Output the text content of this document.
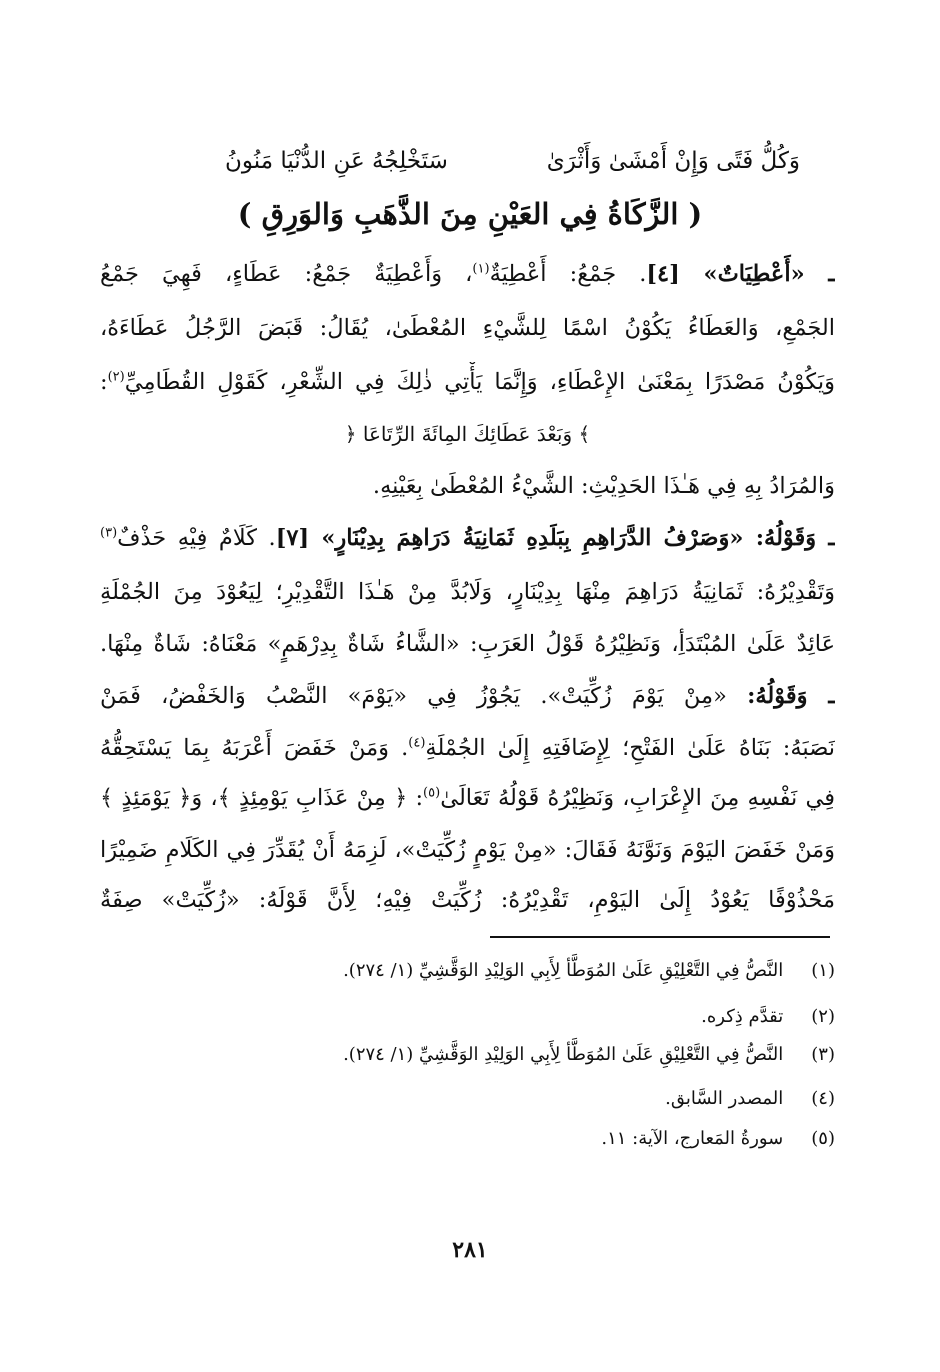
وَكُلُّ فَتًى وَإِنْ أَمْشَىٰ وَأَثْرَىٰ
سَتَخْلِجُهُ عَنِ الدُّنْيَا مَنُونُ
( الزَّكَاةُ فِي العَيْنِ مِنَ الذَّهَبِ وَالوَرِقِ )
ـ «أَعْطِيَاتٌ» [٤]. جَمْعُ: أَعْطِيَةٌ$^{(١)}$، وَأَعْطِيَةٌ جَمْعُ: عَطَاءٍ، فَهِيَ جَمْعُ
الجَمْعِ، وَالعَطَاءُ يَكُوْنُ اسْمًا لِلشَّيْءِ المُعْطَىٰ، يُقَالُ: قَبَضَ الرَّجُلُ عَطَاءَهُ،
وَيَكُوْنُ مَصْدَرًا بِمَعْنَىٰ الإِعْطَاءِ، وَإِنَّمَا يَأْتِي ذٰلِكَ فِي الشِّعْرِ، كَقَوْلِ القُطَامِيِّ$^{(٢)}$:
﴾ وَبَعْدَ عَطَائِكَ المِائَةَ الرِّتَاعَا ﴿
وَالمُرَادُ بِهِ فِي هَـٰذَا الحَدِيْثِ: الشَّيْءُ المُعْطَىٰ بِعَيْنِهِ.
ـ وَقَوْلُهُ: «وَصَرْفُ الدَّرَاهِمِ بِبَلَدِهِ ثَمَانِيَةُ دَرَاهِمَ بِدِيْنَارٍ» [٧]. كَلَامٌ فِيْهِ حَذْفٌ$^{(٣)}$
وَتَقْدِيْرُهُ: ثَمَانِيَةُ دَرَاهِمَ مِنْهَا بِدِيْنَارٍ، وَلَابُدَّ مِنْ هَـٰذَا التَّقْدِيْرِ؛ لِيَعُوْدَ مِنَ الجُمْلَةِ
عَائِدٌ عَلَىٰ المُبْتَدَأِ، وَنَظِيْرُهُ قَوْلُ العَرَبِ: «الشَّاءُ شَاةٌ بِدِرْهَمٍ» مَعْنَاهُ: شَاةٌ مِنْهَا.
ـ وَقَوْلُهُ: «مِنْ يَوْمَ زُكِّيَتْ». يَجُوْزُ فِي «يَوْمَ» النَّصْبُ وَالخَفْضُ، فَمَنْ
نَصَبَهُ: بَنَاهُ عَلَىٰ الفَتْحِ؛ لِإِضَافَتِهِ إِلَىٰ الجُمْلَةِ$^{(٤)}$. وَمَنْ خَفَضَ أَعْرَبَهُ بِمَا يَسْتَحِقُّهُ
فِي نَفْسِهِ مِنَ الإِعْرَابِ، وَنَظِيْرُهُ قَوْلُهُ تَعَالَىٰ$^{(٥)}$: ﴿ مِنْ عَذَابِ يَوْمِئِذٍ ﴾، وَ﴿ يَوْمَئِذٍ ﴾
وَمَنْ خَفَضَ اليَوْمَ وَنَوَّنَهُ فَقَالَ: «مِنْ يَوْمٍ زُكِّيَتْ»، لَزِمَهُ أَنْ يُقَدِّرَ فِي الكَلَامِ ضَمِيْرًا
مَحْذُوْفًا يَعُوْدُ إِلَىٰ اليَوْمِ، تَقْدِيْرُهُ: زُكِّيَتْ فِيْهِ؛ لِأَنَّ قَوْلَهُ: «زُكِّيَتْ» صِفَةٌ
(١) النَّصُّ فِي التَّعْلِيْقِ عَلَىٰ المُوَطَّأ لِأَبِي الوَلِيْدِ الوَقَّشِيِّ (١/ ٢٧٤).
(٢) تقدَّم ذِكره.
(٣) النَّصُّ فِي التَّعْلِيْقِ عَلَىٰ المُوَطَّأ لِأَبِي الوَلِيْدِ الوَقَّشِيِّ (١/ ٢٧٤).
(٤) المصدر السَّابق.
(٥) سورةُ المَعارج، الآية: ١١.
٢٨١
